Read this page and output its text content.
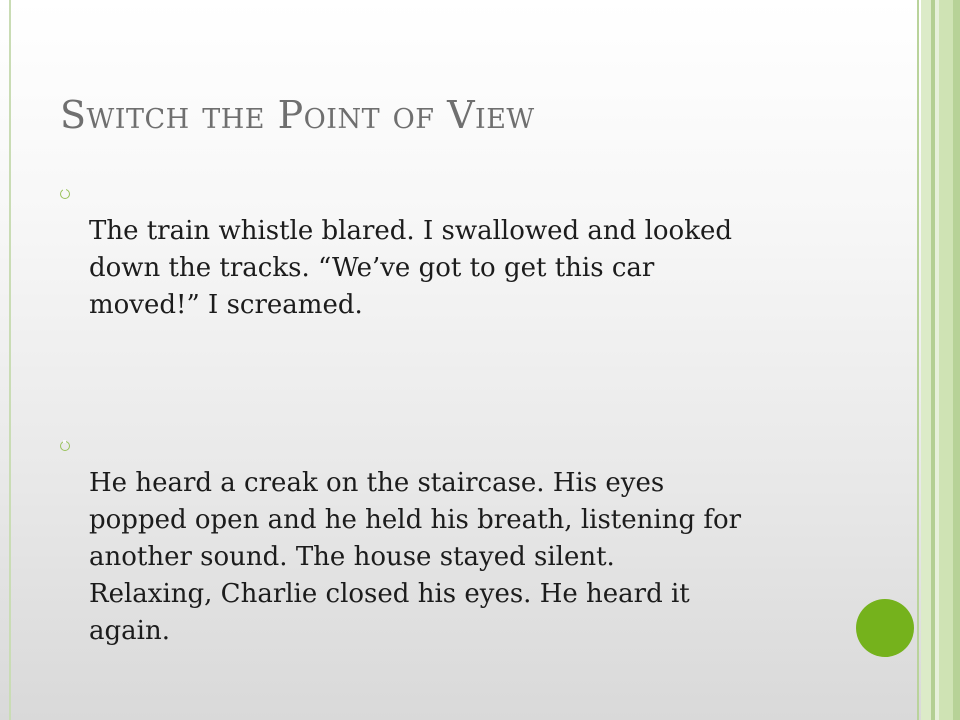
Switch the Point of View

The train whistle blared. I swallowed and looked
down the tracks. “We’ve got to get this car
moved!” I screamed.

He heard a creak on the staircase. His eyes
popped open and he held his breath, listening for
another sound. The house stayed silent.
Relaxing, Charlie closed his eyes. He heard it
again.
